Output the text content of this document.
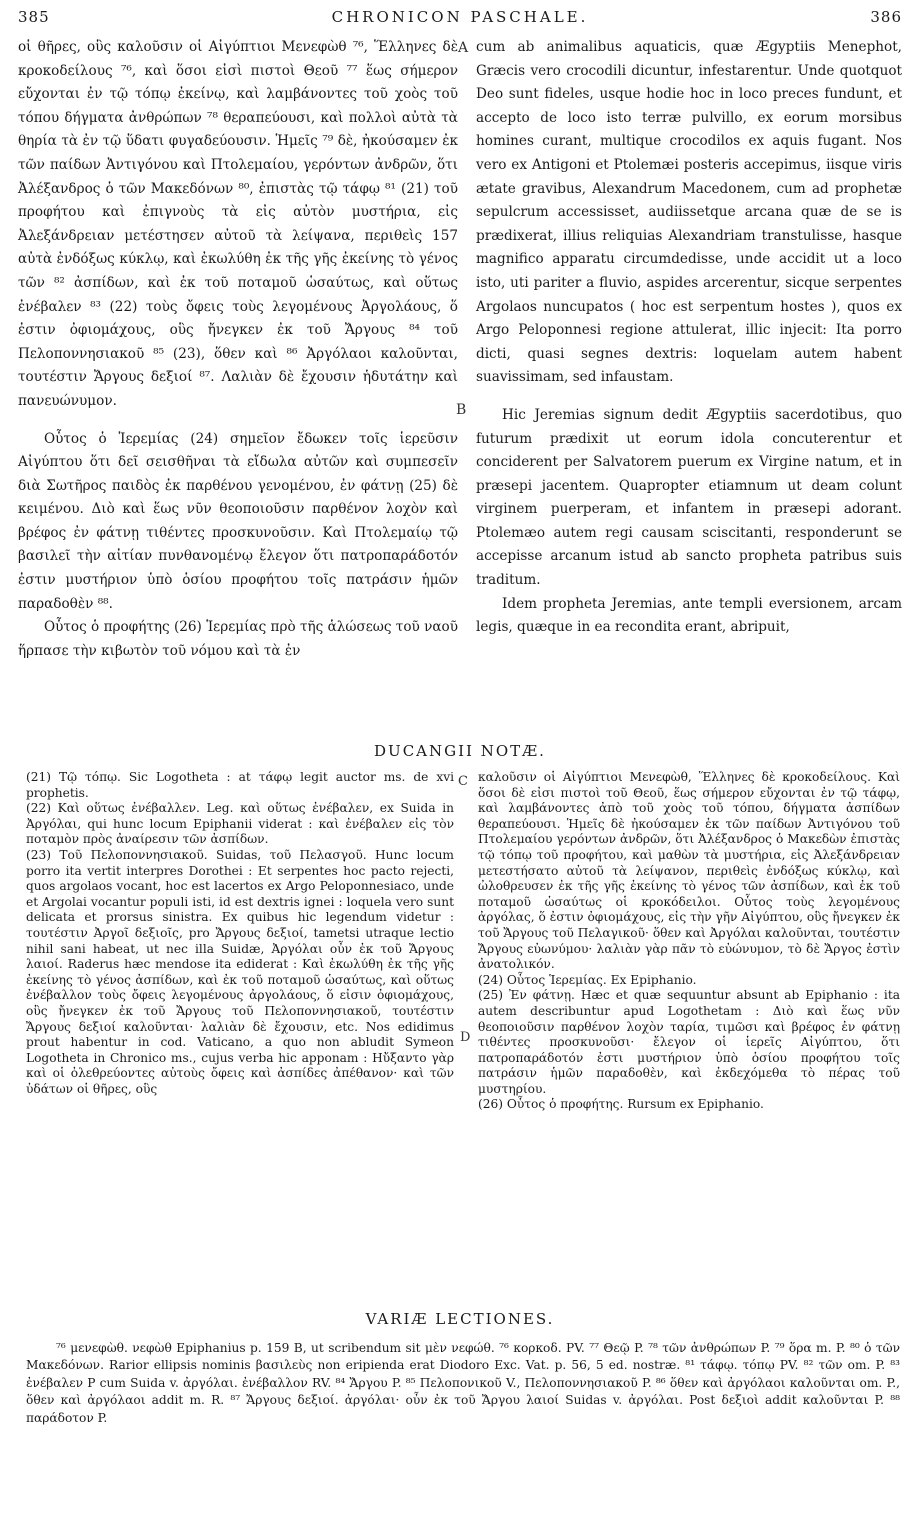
385	CHRONICON PASCHALE.	386

οἱ θῆρες, οὓς καλοῦσιν οἱ Αἰγύπτιοι Μενεφὼθ ⁷⁶, Ἕλληνες δὲ κροκοδείλους ⁷⁶, καὶ ὅσοι εἰσὶ πιστοὶ Θεοῦ ⁷⁷ ἕως σήμερον εὔχονται ἐν τῷ τόπῳ ἐκείνῳ, καὶ λαμβάνοντες τοῦ χοὸς τοῦ τόπου δήγματα ἀνθρώπων ⁷⁸ θεραπεύουσι, καὶ πολλοὶ αὐτὰ τὰ θηρία τὰ ἐν τῷ ὕδατι φυγαδεύουσιν. Ἡμεῖς ⁷⁹ δὲ, ἠκούσαμεν ἐκ τῶν παίδων Ἀντιγόνου καὶ Πτολεμαίου, γερόντων ἀνδρῶν, ὅτι Ἀλέξανδρος ὁ τῶν Μακεδόνων ⁸⁰, ἐπιστὰς τῷ τάφῳ ⁸¹ (21) τοῦ προφήτου καὶ ἐπιγνοὺς τὰ εἰς αὐτὸν μυστήρια, εἰς Ἀλεξάνδρειαν μετέστησεν αὐτοῦ τὰ λείψανα, περιθεὶς 157 αὐτὰ ἐνδόξως κύκλῳ, καὶ ἐκωλύθη ἐκ τῆς γῆς ἐκείνης τὸ γένος τῶν ⁸² ἀσπίδων, καὶ ἐκ τοῦ ποταμοῦ ὡσαύτως, καὶ οὕτως ἐνέβαλεν ⁸³ (22) τοὺς ὄφεις τοὺς λεγομένους Ἀργολάους, ὅ ἐστιν ὀφιομάχους, οὓς ἤνεγκεν ἐκ τοῦ Ἄργους ⁸⁴ τοῦ Πελοποννησιακοῦ ⁸⁵ (23), ὅθεν καὶ ⁸⁶ Ἀργόλαοι καλοῦνται, τουτέστιν Ἄργους δεξιοί ⁸⁷. Λαλιὰν δὲ ἔχουσιν ἡδυτάτην καὶ πανευώνυμον.

Οὗτος ὁ Ἱερεμίας (24) σημεῖον ἔδωκεν τοῖς ἱερεῦσιν Αἰγύπτου ὅτι δεῖ σεισθῆναι τὰ εἴδωλα αὐτῶν καὶ συμπεσεῖν διὰ Σωτῆρος παιδὸς ἐκ παρθένου γενομένου, ἐν φάτνῃ (25) δὲ κειμένου. Διὸ καὶ ἕως νῦν θεοποιοῦσιν παρθένον λοχὸν καὶ βρέφος ἐν φάτνῃ τιθέντες προσκυνοῦσιν. Καὶ Πτολεμαίῳ τῷ βασιλεῖ τὴν αἰτίαν πυνθανομένῳ ἔλεγον ὅτι πατροπαράδοτόν ἐστιν μυστήριον ὑπὸ ὁσίου προφήτου τοῖς πατράσιν ἡμῶν παραδοθὲν ⁸⁸.

Οὗτος ὁ προφήτης (26) Ἱερεμίας πρὸ τῆς ἁλώσεως τοῦ ναοῦ ἥρπασε τὴν κιβωτὸν τοῦ νόμου καὶ τὰ ἐν

A
B

cum ab animalibus aquaticis, quæ Ægyptiis Menephot, Græcis vero crocodili dicuntur, infestarentur. Unde quotquot Deo sunt fideles, usque hodie hoc in loco preces fundunt, et accepto de loco isto terræ pulvillo, ex eorum morsibus homines curant, multique crocodilos ex aquis fugant. Nos vero ex Antigoni et Ptolemæi posteris accepimus, iisque viris ætate gravibus, Alexandrum Macedonem, cum ad prophetæ sepulcrum accessisset, audiissetque arcana quæ de se is prædixerat, illius reliquias Alexandriam transtulisse, hasque magnifico apparatu circumdedisse, unde accidit ut a loco isto, uti pariter a fluvio, aspides arcerentur, sicque serpentes Argolaos nuncupatos ( hoc est serpentum hostes ), quos ex Argo Peloponnesi regione attulerat, illic injecit: Ita porro dicti, quasi segnes dextris: loquelam autem habent suavissimam, sed infaustam.

Hic Jeremias signum dedit Ægyptiis sacerdotibus, quo futurum prædixit ut eorum idola concuterentur et conciderent per Salvatorem puerum ex Virgine natum, et in præsepi jacentem. Quapropter etiamnum ut deam colunt virginem puerperam, et infantem in præsepi adorant. Ptolemæo autem regi causam sciscitanti, responderunt se accepisse arcanum istud ab sancto propheta patribus suis traditum.

Idem propheta Jeremias, ante templi eversionem, arcam legis, quæque in ea recondita erant, abripuit,

DUCANGII NOTÆ.

(21) Τῷ τόπῳ. Sic Logotheta : at τάφῳ legit auctor ms. de xvi prophetis.

(22) Καὶ οὕτως ἐνέβαλλεν. Leg. καὶ οὕτως ἐνέβαλεν, ex Suida in Ἀργόλαι, qui hunc locum Epiphanii viderat : καὶ ἐνέβαλεν εἰς τὸν ποταμὸν πρὸς ἀναίρεσιν τῶν ἀσπίδων.

(23) Τοῦ Πελοποννησιακοῦ. Suidas, τοῦ Πελασγοῦ. Hunc locum porro ita vertit interpres Dorothei : Et serpentes hoc pacto rejecti, quos argolaos vocant, hoc est lacertos ex Argo Peloponnesiaco, unde et Argolai vocantur populi isti, id est dextris ignei : loquela vero sunt delicata et prorsus sinistra. Ex quibus hic legendum videtur : τουτέστιν Ἀργοῖ δεξιοῖς, pro Ἄργους δεξιοί, tametsi utraque lectio nihil sani habeat, ut nec illa Suidæ, Ἀργόλαι οὖν ἐκ τοῦ Ἄργους λαιοί. Raderus hæc mendose ita ediderat : Καὶ ἐκωλύθη ἐκ τῆς γῆς ἐκείνης τὸ γένος ἀσπίδων, καὶ ἐκ τοῦ ποταμοῦ ὡσαύτως, καὶ οὕτως ἐνέβαλλον τοὺς ὄφεις λεγομένους ἀργολάους, ὅ εἰσιν ὀφιομάχους, οὓς ἤνεγκεν ἐκ τοῦ Ἄργους τοῦ Πελοποννησιακοῦ, τουτέστιν Ἄργους δεξιοί καλοῦνται· λαλιὰν δὲ ἔχουσιν, etc. Nos edidimus prout habentur in cod. Vaticano, a quo non abludit Symeon Logotheta in Chronico ms., cujus verba hic apponam : Ηὔξαντο γὰρ καὶ οἱ ὀλεθρεύοντες αὐτοὺς ὄφεις καὶ ἀσπίδες ἀπέθανον· καὶ τῶν ὑδάτων οἱ θῆρες, οὓς

C
D

καλοῦσιν οἱ Αἰγύπτιοι Μενεφὼθ, Ἕλληνες δὲ κροκοδείλους. Καὶ ὅσοι δὲ εἰσι πιστοὶ τοῦ Θεοῦ, ἕως σήμερον εὔχονται ἐν τῷ τάφῳ, καὶ λαμβάνοντες ἀπὸ τοῦ χοὸς τοῦ τόπου, δήγματα ἀσπίδων θεραπεύουσι. Ἡμεῖς δὲ ἠκούσαμεν ἐκ τῶν παίδων Ἀντιγόνου τοῦ Πτολεμαίου γερόντων ἀνδρῶν, ὅτι Ἀλέξανδρος ὁ Μακεδὼν ἐπιστὰς τῷ τόπῳ τοῦ προφήτου, καὶ μαθὼν τὰ μυστήρια, εἰς Ἀλεξάνδρειαν μετεστήσατο αὐτοῦ τὰ λείψανον, περιθεὶς ἐνδόξως κύκλῳ, καὶ ὠλοθρευσεν ἐκ τῆς γῆς ἐκείνης τὸ γένος τῶν ἀσπίδων, καὶ ἐκ τοῦ ποταμοῦ ὡσαύτως οἱ κροκόδειλοι. Οὗτος τοὺς λεγομένους ἀργόλας, ὅ ἐστιν ὀφιομάχους, εἰς τὴν γῆν Αἰγύπτου, οὓς ἤνεγκεν ἐκ τοῦ Ἄργους τοῦ Πελαγικοῦ· ὅθεν καὶ Ἀργόλαι καλοῦνται, τουτέστιν Ἄργους εὐωνύμου· λαλιὰν γὰρ πᾶν τὸ εὐώνυμον, τὸ δὲ Ἄργος ἐστὶν ἀνατολικόν.

(24) Οὗτος Ἱερεμίας. Ex Epiphanio.

(25) Ἐν φάτνῃ. Hæc et quæ sequuntur absunt ab Epiphanio : ita autem describuntur apud Logothetam : Διὸ καὶ ἕως νῦν θεοποιοῦσιν παρθένον λοχὸν ταρία, τιμῶσι καὶ βρέφος ἐν φάτνῃ τιθέντες προσκυνοῦσι· ἔλεγον οἱ ἱερεῖς Αἰγύπτου, ὅτι πατροπαράδοτόν ἐστι μυστήριον ὑπὸ ὁσίου προφήτου τοῖς πατράσιν ἡμῶν παραδοθὲν, καὶ ἐκδεχόμεθα τὸ πέρας τοῦ μυστηρίου.

(26) Οὗτος ὁ προφήτης. Rursum ex Epiphanio.

VARIÆ LECTIONES.

⁷⁶ μενεφὼθ. νεφὼθ Epiphanius p. 159 B, ut scribendum sit μὲν νεφώθ. ⁷⁶ κορκοδ. PV. ⁷⁷ Θεῷ P. ⁷⁸ τῶν ἀνθρώπων P. ⁷⁹ ὅρα m. P. ⁸⁰ ὁ τῶν Μακεδόνων. Rarior ellipsis nominis βασιλεὺς non eripienda erat Diodoro Exc. Vat. p. 56, 5 ed. nostræ. ⁸¹ τάφῳ. τόπῳ PV. ⁸² τῶν om. P. ⁸³ ἐνέβαλεν P cum Suida v. ἀργόλαι. ἐνέβαλλον RV. ⁸⁴ Ἄργου P. ⁸⁵ Πελοπονικοῦ V., Πελοποννησιακοῦ P. ⁸⁶ ὅθεν καὶ ἀργόλαοι καλοῦνται om. P., ὅθεν καὶ ἀργόλαοι addit m. R. ⁸⁷ Ἄργους δεξιοί. ἀργόλαι· οὖν ἐκ τοῦ Ἄργου λαιοί Suidas v. ἀργόλαι. Post δεξιοὶ addit καλοῦνται P. ⁸⁸ παράδοτον P.
